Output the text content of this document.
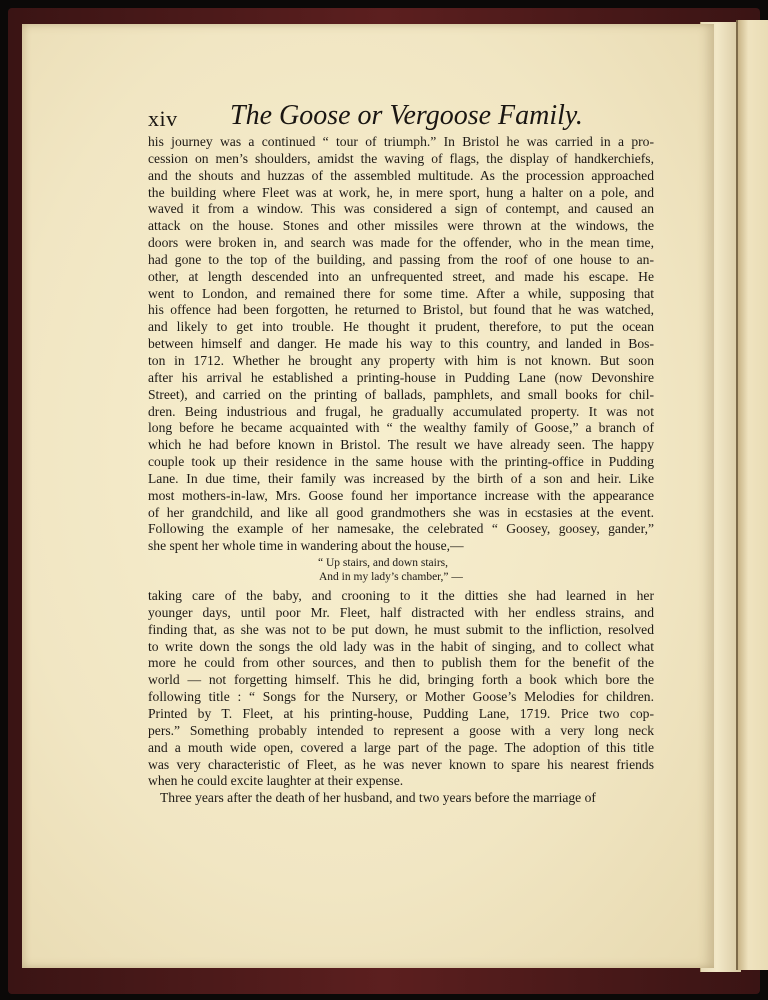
xiv The Goose or Vergoose Family.

his journey was a continued “ tour of triumph.” In Bristol he was carried in a pro-

cession on men’s shoulders, amidst the waving of flags, the display of handkerchiefs,

and the shouts and huzzas of the assembled multitude. As the procession approached

the building where Fleet was at work, he, in mere sport, hung a halter on a pole, and

waved it from a window. This was considered a sign of contempt, and caused an

attack on the house. Stones and other missiles were thrown at the windows, the

doors were broken in, and search was made for the offender, who in the mean time,

had gone to the top of the building, and passing from the roof of one house to an-

other, at length descended into an unfrequented street, and made his escape. He

went to London, and remained there for some time. After a while, supposing that

his offence had been forgotten, he returned to Bristol, but found that he was watched,

and likely to get into trouble. He thought it prudent, therefore, to put the ocean

between himself and danger. He made his way to this country, and landed in Bos-

ton in 1712. Whether he brought any property with him is not known. But soon

after his arrival he established a printing-house in Pudding Lane (now Devonshire

Street), and carried on the printing of ballads, pamphlets, and small books for chil-

dren. Being industrious and frugal, he gradually accumulated property. It was not

long before he became acquainted with “ the wealthy family of Goose,” a branch of

which he had before known in Bristol. The result we have already seen. The happy

couple took up their residence in the same house with the printing-office in Pudding

Lane. In due time, their family was increased by the birth of a son and heir. Like

most mothers-in-law, Mrs. Goose found her importance increase with the appearance

of her grandchild, and like all good grandmothers she was in ecstasies at the event.

Following the example of her namesake, the celebrated “ Goosey, goosey, gander,”

she spent her whole time in wandering about the house,—

“ Up stairs, and down stairs,
And in my lady’s chamber,” —

taking care of the baby, and crooning to it the ditties she had learned in her

younger days, until poor Mr. Fleet, half distracted with her endless strains, and

finding that, as she was not to be put down, he must submit to the infliction, resolved

to write down the songs the old lady was in the habit of singing, and to collect what

more he could from other sources, and then to publish them for the benefit of the

world — not forgetting himself. This he did, bringing forth a book which bore the

following title : “ Songs for the Nursery, or Mother Goose’s Melodies for children.

Printed by T. Fleet, at his printing-house, Pudding Lane, 1719. Price two cop-

pers.” Something probably intended to represent a goose with a very long neck

and a mouth wide open, covered a large part of the page. The adoption of this title

was very characteristic of Fleet, as he was never known to spare his nearest friends

when he could excite laughter at their expense.

Three years after the death of her husband, and two years before the marriage of
